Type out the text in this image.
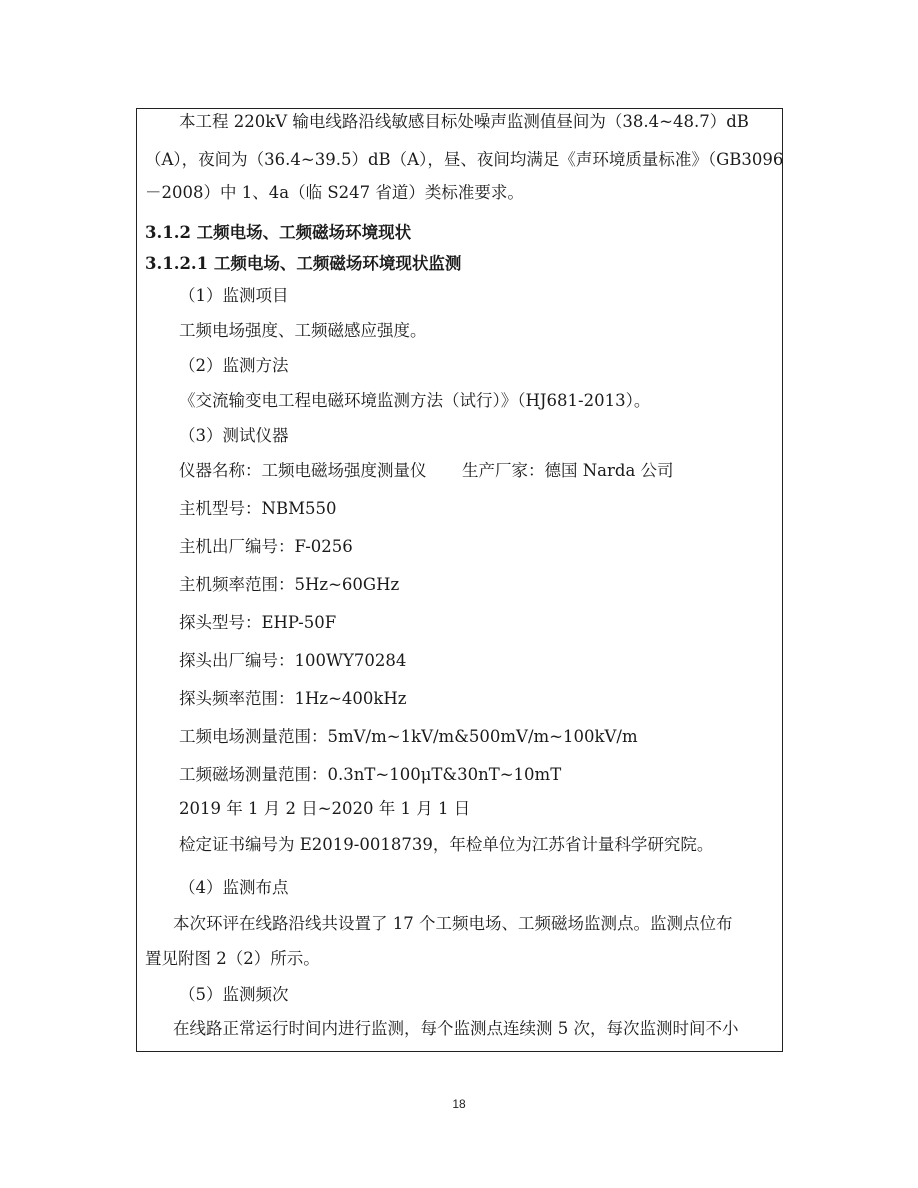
本工程 220kV 输电线路沿线敏感目标处噪声监测值昼间为（38.4~48.7）dB
（A），夜间为（36.4~39.5）dB（A），昼、夜间均满足《声环境质量标准》（GB3096
－2008）中 1、4a（临 S247 省道）类标准要求。
3.1.2 工频电场、工频磁场环境现状
3.1.2.1 工频电场、工频磁场环境现状监测
（1）监测项目
工频电场强度、工频磁感应强度。
（2）监测方法
《交流输变电工程电磁环境监测方法（试行）》（HJ681-2013）。
（3）测试仪器
仪器名称：工频电磁场强度测量仪 生产厂家：德国 Narda 公司
主机型号：NBM550
主机出厂编号：F-0256
主机频率范围：5Hz~60GHz
探头型号：EHP-50F
探头出厂编号：100WY70284
探头频率范围：1Hz~400kHz
工频电场测量范围：5mV/m~1kV/m&500mV/m~100kV/m
工频磁场测量范围：0.3nT~100μT&30nT~10mT
2019 年 1 月 2 日~2020 年 1 月 1 日
检定证书编号为 E2019-0018739，年检单位为江苏省计量科学研究院。
（4）监测布点
本次环评在线路沿线共设置了 17 个工频电场、工频磁场监测点。监测点位布
置见附图 2（2）所示。
（5）监测频次
在线路正常运行时间内进行监测，每个监测点连续测 5 次，每次监测时间不小
18
